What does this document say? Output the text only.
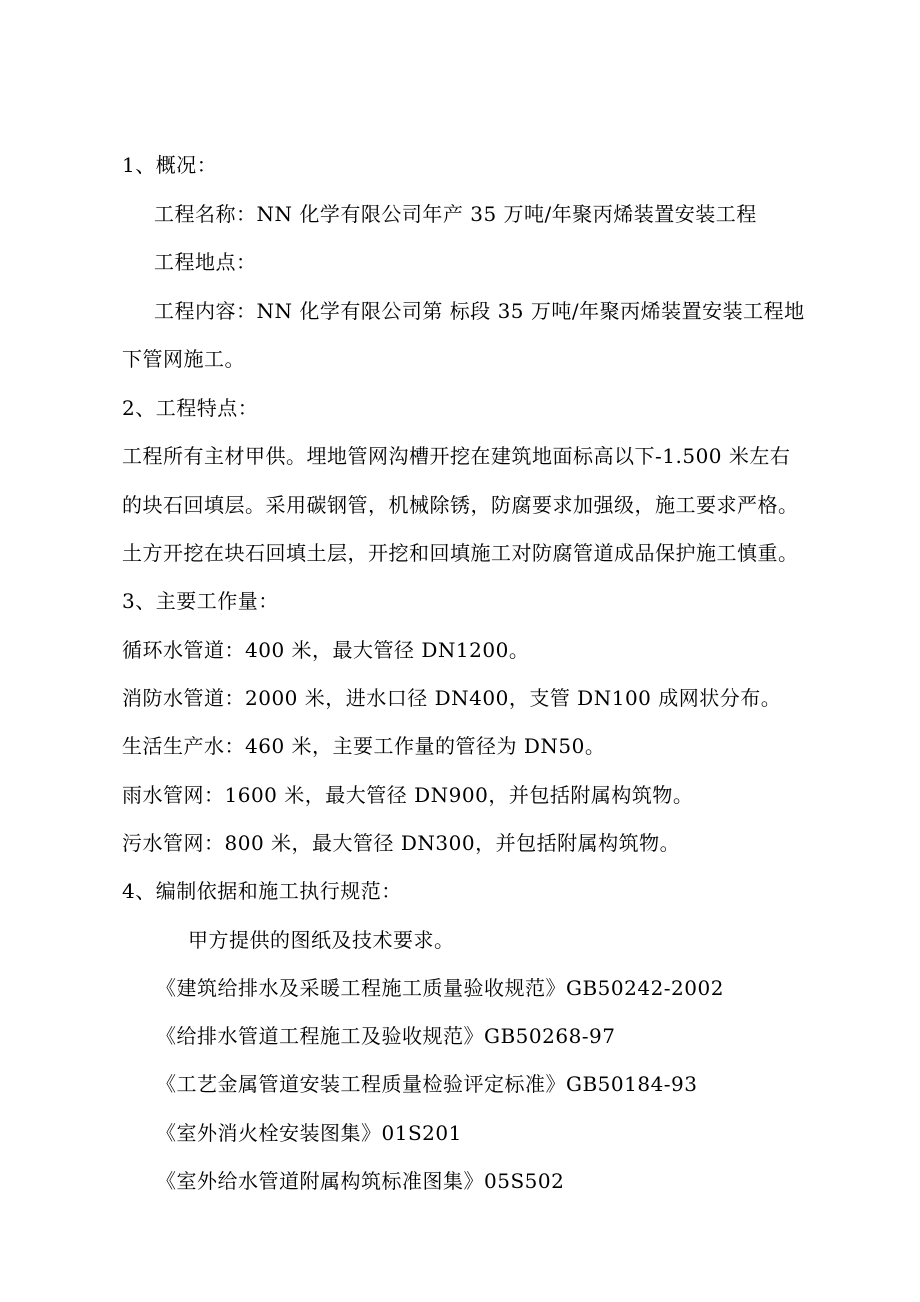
1、概况：
工程名称：NN 化学有限公司年产 35 万吨/年聚丙烯装置安装工程
工程地点：
工程内容：NN 化学有限公司第 标段 35 万吨/年聚丙烯装置安装工程地
下管网施工。
2、工程特点：
工程所有主材甲供。埋地管网沟槽开挖在建筑地面标高以下-1.500 米左右
的块石回填层。采用碳钢管，机械除锈，防腐要求加强级，施工要求严格。
土方开挖在块石回填土层，开挖和回填施工对防腐管道成品保护施工慎重。
3、主要工作量：
循环水管道：400 米，最大管径 DN1200。
消防水管道：2000 米，进水口径 DN400，支管 DN100 成网状分布。
生活生产水：460 米，主要工作量的管径为 DN50。
雨水管网：1600 米，最大管径 DN900，并包括附属构筑物。
污水管网：800 米，最大管径 DN300，并包括附属构筑物。
4、编制依据和施工执行规范：
甲方提供的图纸及技术要求。
《建筑给排水及采暖工程施工质量验收规范》GB50242-2002
《给排水管道工程施工及验收规范》GB50268-97
《工艺金属管道安装工程质量检验评定标准》GB50184-93
《室外消火栓安装图集》01S201
《室外给水管道附属构筑标准图集》05S502
